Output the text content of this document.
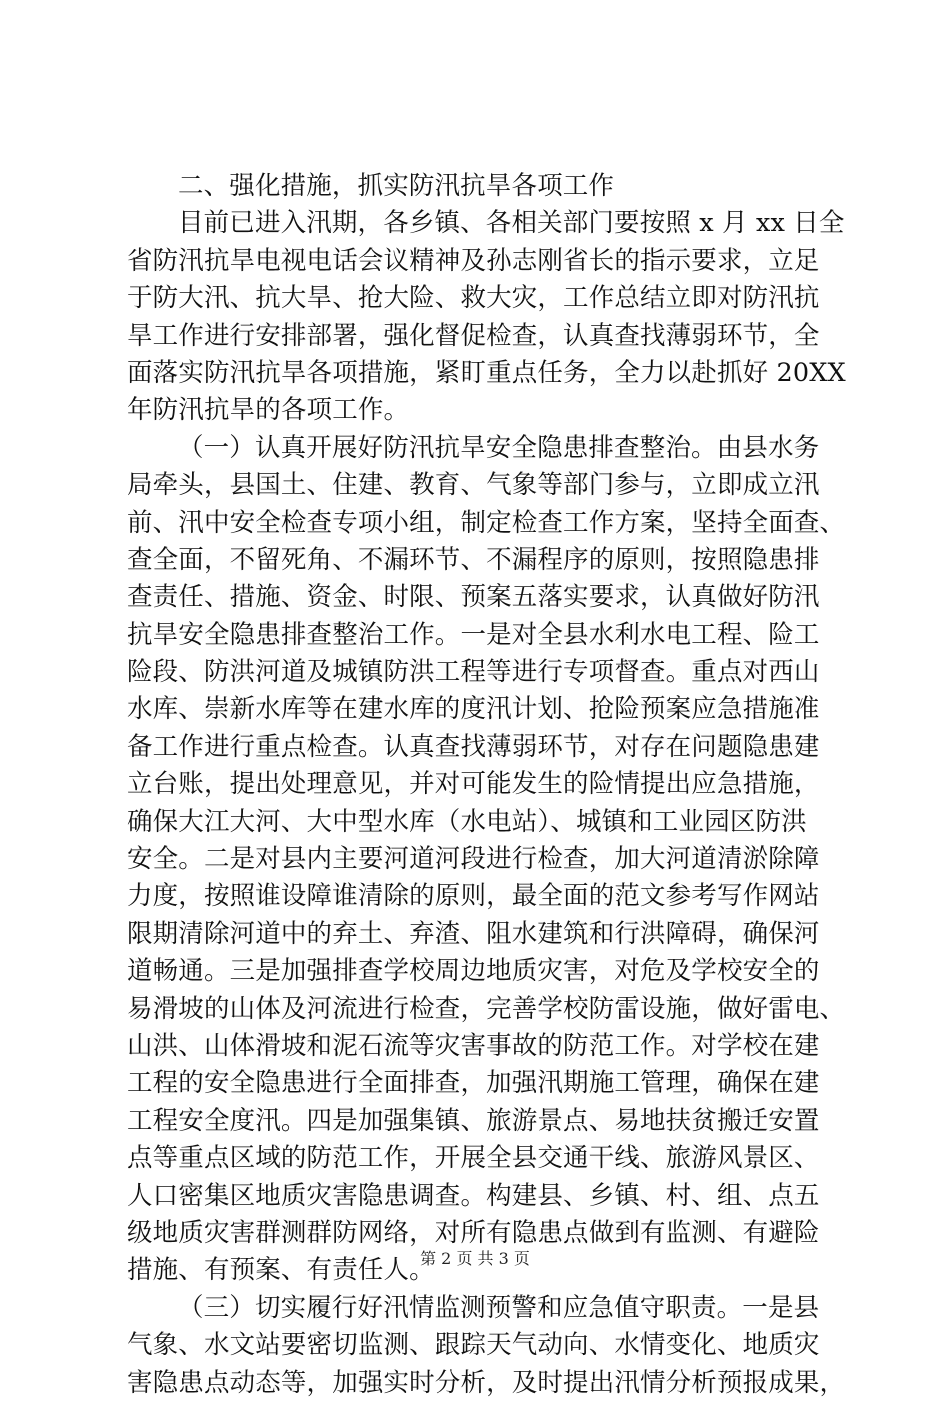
二、强化措施，抓实防汛抗旱各项工作
目前已进入汛期，各乡镇、各相关部门要按照 x 月 xx 日全
省防汛抗旱电视电话会议精神及孙志刚省长的指示要求，立足
于防大汛、抗大旱、抢大险、救大灾，工作总结立即对防汛抗
旱工作进行安排部署，强化督促检查，认真查找薄弱环节，全
面落实防汛抗旱各项措施，紧盯重点任务，全力以赴抓好 20XX
年防汛抗旱的各项工作。
（一）认真开展好防汛抗旱安全隐患排查整治。由县水务
局牵头，县国土、住建、教育、气象等部门参与，立即成立汛
前、汛中安全检查专项小组，制定检查工作方案，坚持全面查、
查全面，不留死角、不漏环节、不漏程序的原则，按照隐患排
查责任、措施、资金、时限、预案五落实要求，认真做好防汛
抗旱安全隐患排查整治工作。一是对全县水利水电工程、险工
险段、防洪河道及城镇防洪工程等进行专项督查。重点对西山
水库、崇新水库等在建水库的度汛计划、抢险预案应急措施准
备工作进行重点检查。认真查找薄弱环节，对存在问题隐患建
立台账，提出处理意见，并对可能发生的险情提出应急措施，
确保大江大河、大中型水库（水电站）、城镇和工业园区防洪
安全。二是对县内主要河道河段进行检查，加大河道清淤除障
力度，按照谁设障谁清除的原则，最全面的范文参考写作网站
限期清除河道中的弃土、弃渣、阻水建筑和行洪障碍，确保河
道畅通。三是加强排查学校周边地质灾害，对危及学校安全的
易滑坡的山体及河流进行检查，完善学校防雷设施，做好雷电、
山洪、山体滑坡和泥石流等灾害事故的防范工作。对学校在建
工程的安全隐患进行全面排查，加强汛期施工管理，确保在建
工程安全度汛。四是加强集镇、旅游景点、易地扶贫搬迁安置
点等重点区域的防范工作，开展全县交通干线、旅游风景区、
人口密集区地质灾害隐患调查。构建县、乡镇、村、组、点五
级地质灾害群测群防网络，对所有隐患点做到有监测、有避险
措施、有预案、有责任人。
（三）切实履行好汛情监测预警和应急值守职责。一是县
气象、水文站要密切监测、跟踪天气动向、水情变化、地质灾
害隐患点动态等，加强实时分析，及时提出汛情分析预报成果，
第 2 页 共 3 页
